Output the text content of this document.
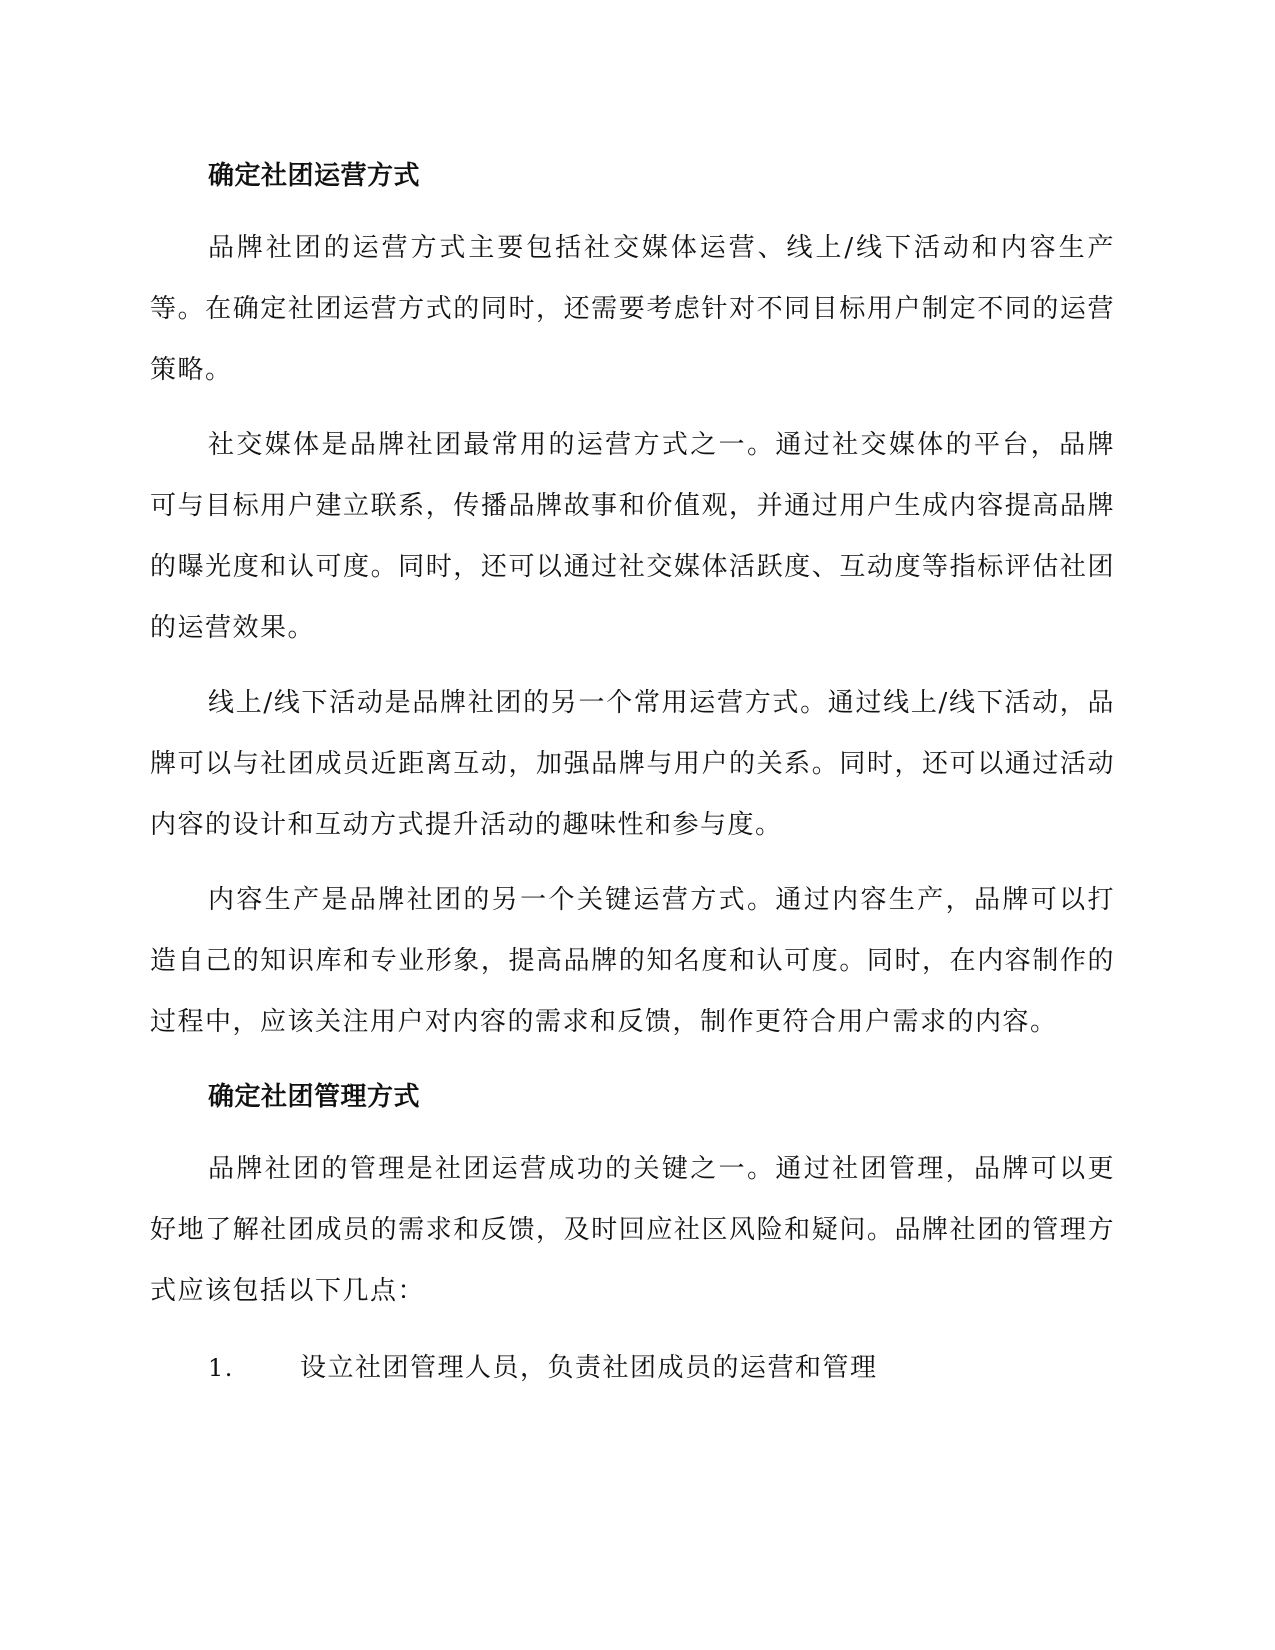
确定社团运营方式

品牌社团的运营方式主要包括社交媒体运营、线上/线下活动和内容生产等。在确定社团运营方式的同时，还需要考虑针对不同目标用户制定不同的运营策略。

社交媒体是品牌社团最常用的运营方式之一。通过社交媒体的平台，品牌可与目标用户建立联系，传播品牌故事和价值观，并通过用户生成内容提高品牌的曝光度和认可度。同时，还可以通过社交媒体活跃度、互动度等指标评估社团的运营效果。

线上/线下活动是品牌社团的另一个常用运营方式。通过线上/线下活动，品牌可以与社团成员近距离互动，加强品牌与用户的关系。同时，还可以通过活动内容的设计和互动方式提升活动的趣味性和参与度。

内容生产是品牌社团的另一个关键运营方式。通过内容生产，品牌可以打造自己的知识库和专业形象，提高品牌的知名度和认可度。同时，在内容制作的过程中，应该关注用户对内容的需求和反馈，制作更符合用户需求的内容。

确定社团管理方式

品牌社团的管理是社团运营成功的关键之一。通过社团管理，品牌可以更好地了解社团成员的需求和反馈，及时回应社区风险和疑问。品牌社团的管理方式应该包括以下几点：

1.	设立社团管理人员，负责社团成员的运营和管理
